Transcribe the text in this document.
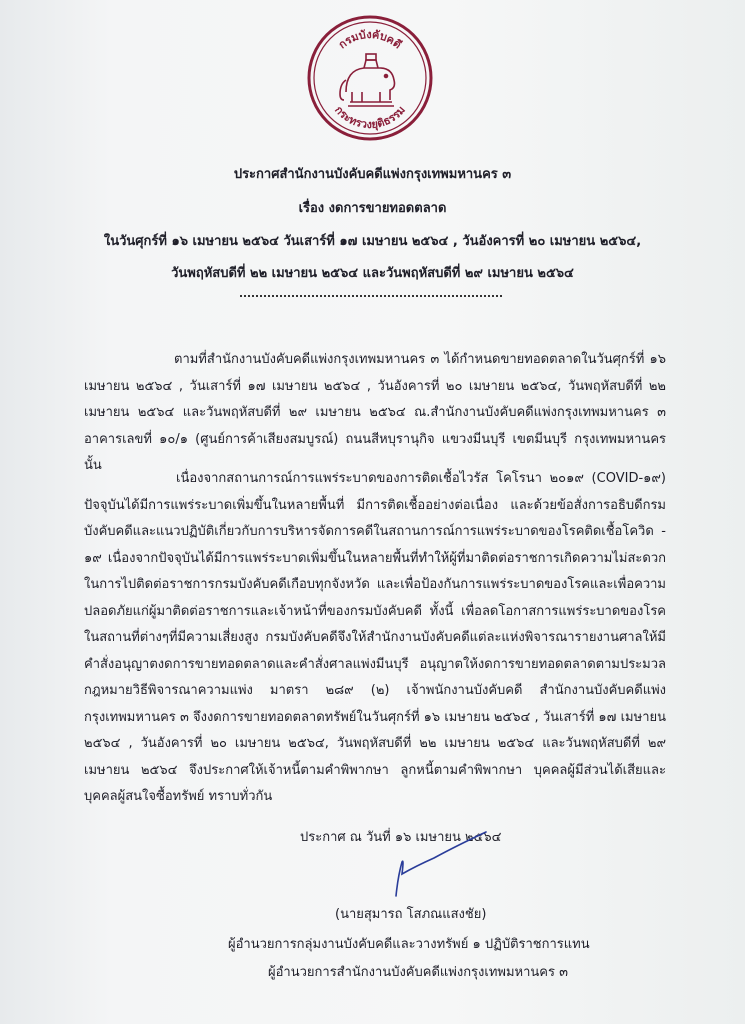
กรมบังคับคดี
กระทรวงยุติธรรม
ประกาศสำนักงานบังคับคดีแพ่งกรุงเทพมหานคร ๓
เรื่อง งดการขายทอดตลาด
ในวันศุกร์ที่ ๑๖ เมษายน ๒๕๖๔ วันเสาร์ที่ ๑๗ เมษายน ๒๕๖๔ , วันอังคารที่ ๒๐ เมษายน ๒๕๖๔,
วันพฤหัสบดีที่ ๒๒ เมษายน ๒๕๖๔ และวันพฤหัสบดีที่ ๒๙ เมษายน ๒๕๖๔
ตามที่สำนักงานบังคับคดีแพ่งกรุงเทพมหานคร ๓ ได้กำหนดขายทอดตลาดในวันศุกร์ที่ ๑๖ เมษายน ๒๕๖๔ , วันเสาร์ที่ ๑๗ เมษายน ๒๕๖๔ , วันอังคารที่ ๒๐ เมษายน ๒๕๖๔, วันพฤหัสบดีที่ ๒๒ เมษายน ๒๕๖๔ และวันพฤหัสบดีที่ ๒๙ เมษายน ๒๕๖๔ ณ.สำนักงานบังคับคดีแพ่งกรุงเทพมหานคร ๓ อาคารเลขที่ ๑๐/๑ (ศูนย์การค้าเสียงสมบูรณ์) ถนนสีหบุรานุกิจ แขวงมีนบุรี เขตมีนบุรี กรุงเทพมหานคร นั้น
เนื่องจากสถานการณ์การแพร่ระบาดของการติดเชื้อไวรัส โคโรนา ๒๐๑๙ (COVID-๑๙) ปัจจุบันได้มีการแพร่ระบาดเพิ่มขึ้นในหลายพื้นที่ มีการติดเชื้ออย่างต่อเนื่อง และด้วยข้อสั่งการอธิบดีกรมบังคับคดีและแนวปฏิบัติเกี่ยวกับการบริหารจัดการคดีในสถานการณ์การแพร่ระบาดของโรคติดเชื้อโควิด - ๑๙ เนื่องจากปัจจุบันได้มีการแพร่ระบาดเพิ่มขึ้นในหลายพื้นที่ทำให้ผู้ที่มาติดต่อราชการเกิดความไม่สะดวกในการไปติดต่อราชการกรมบังคับคดีเกือบทุกจังหวัด และเพื่อป้องกันการแพร่ระบาดของโรคและเพื่อความปลอดภัยแก่ผู้มาติดต่อราชการและเจ้าหน้าที่ของกรมบังคับคดี ทั้งนี้ เพื่อลดโอกาสการแพร่ระบาดของโรคในสถานที่ต่างๆที่มีความเสี่ยงสูง กรมบังคับคดีจึงให้สำนักงานบังคับคดีแต่ละแห่งพิจารณารายงานศาลให้มีคำสั่งอนุญาตงดการขายทอดตลาดและคำสั่งศาลแพ่งมีนบุรี อนุญาตให้งดการขายทอดตลาดตามประมวลกฎหมายวิธีพิจารณาความแพ่ง มาตรา ๒๘๙ (๒) เจ้าพนักงานบังคับคดี สำนักงานบังคับคดีแพ่งกรุงเทพมหานคร ๓ จึงงดการขายทอดตลาดทรัพย์ในวันศุกร์ที่ ๑๖ เมษายน ๒๕๖๔ , วันเสาร์ที่ ๑๗ เมษายน ๒๕๖๔ , วันอังคารที่ ๒๐ เมษายน ๒๕๖๔, วันพฤหัสบดีที่ ๒๒ เมษายน ๒๕๖๔ และวันพฤหัสบดีที่ ๒๙ เมษายน ๒๕๖๔ จึงประกาศให้เจ้าหนี้ตามคำพิพากษา ลูกหนี้ตามคำพิพากษา บุคคลผู้มีส่วนได้เสียและบุคคลผู้สนใจซื้อทรัพย์ ทราบทั่วกัน
ประกาศ ณ วันที่ ๑๖ เมษายน ๒๕๖๔
(นายสุมารถ โสภณแสงชัย)
ผู้อำนวยการกลุ่มงานบังคับคดีและวางทรัพย์ ๑ ปฏิบัติราชการแทน
ผู้อำนวยการสำนักงานบังคับคดีแพ่งกรุงเทพมหานคร ๓
